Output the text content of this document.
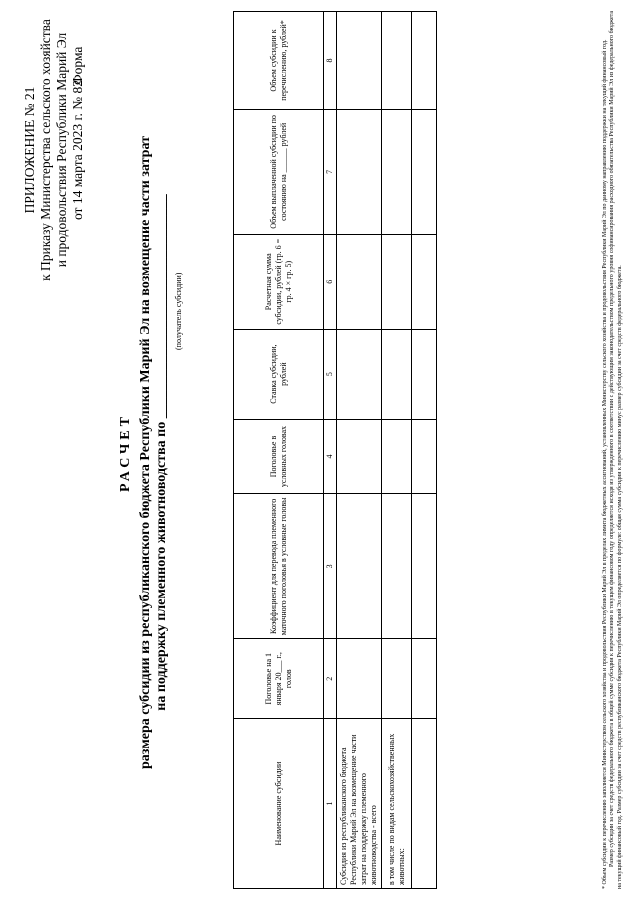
ПРИЛОЖЕНИЕ № 21 к Приказу Министерства сельского хозяйства и продовольствия Республики Марий Эл от 14 марта 2023 г. № 82
Форма
РАСЧЕТ размера субсидии из республиканского бюджета Республики Марий Эл на возмещение части затрат на поддержку племенного животноводства по ________________________________ (получатель субсидии)
Наименование субсидии	Поголовье на 1 января 20___ г., голов	Коэффициент для перевода племенного маточного поголовья в условные головы	Поголовье в условных головах	Ставка субсидии, рублей	Расчетная сумма субсидии, рублей (гр. 6 = гр. 4 × гр. 5)	Объем выплаченной субсидии по состоянию на ______ рублей	Объем субсидии к перечислению, рублей*
1	2	3	4	5	6	7	8
Субсидия из республиканского бюджета Республики Марий Эл на возмещение части затрат на поддержку племенного животноводства - всего							
в том числе по видам сельскохозяйственных животных:							
								* Объем субсидии к перечислению заполняется Министерством сельского хозяйства и продовольствия Республики Марий Эл в пределах лимита бюджетных ассигнований, установленных Министерству сельского хозяйства и продовольствия Республики Марий Эл по данному направлению поддержки на текущий финансовый год. Размер субсидии за счет средств федерального бюджета в общей сумме субсидии к перечислению в текущем финансовом году определяется исходя из утвержденного в соответствии с действующим законодательством предельного уровня софинансирования расходного обязательства Республики Марий Эл из федерального бюджета на текущий финансовый год. Размер субсидии за счет средств республиканского бюджета Республики Марий Эл определяется по формуле: общая сумма субсидии к перечислению минус размер субсидии за счет средств федерального бюджета.
